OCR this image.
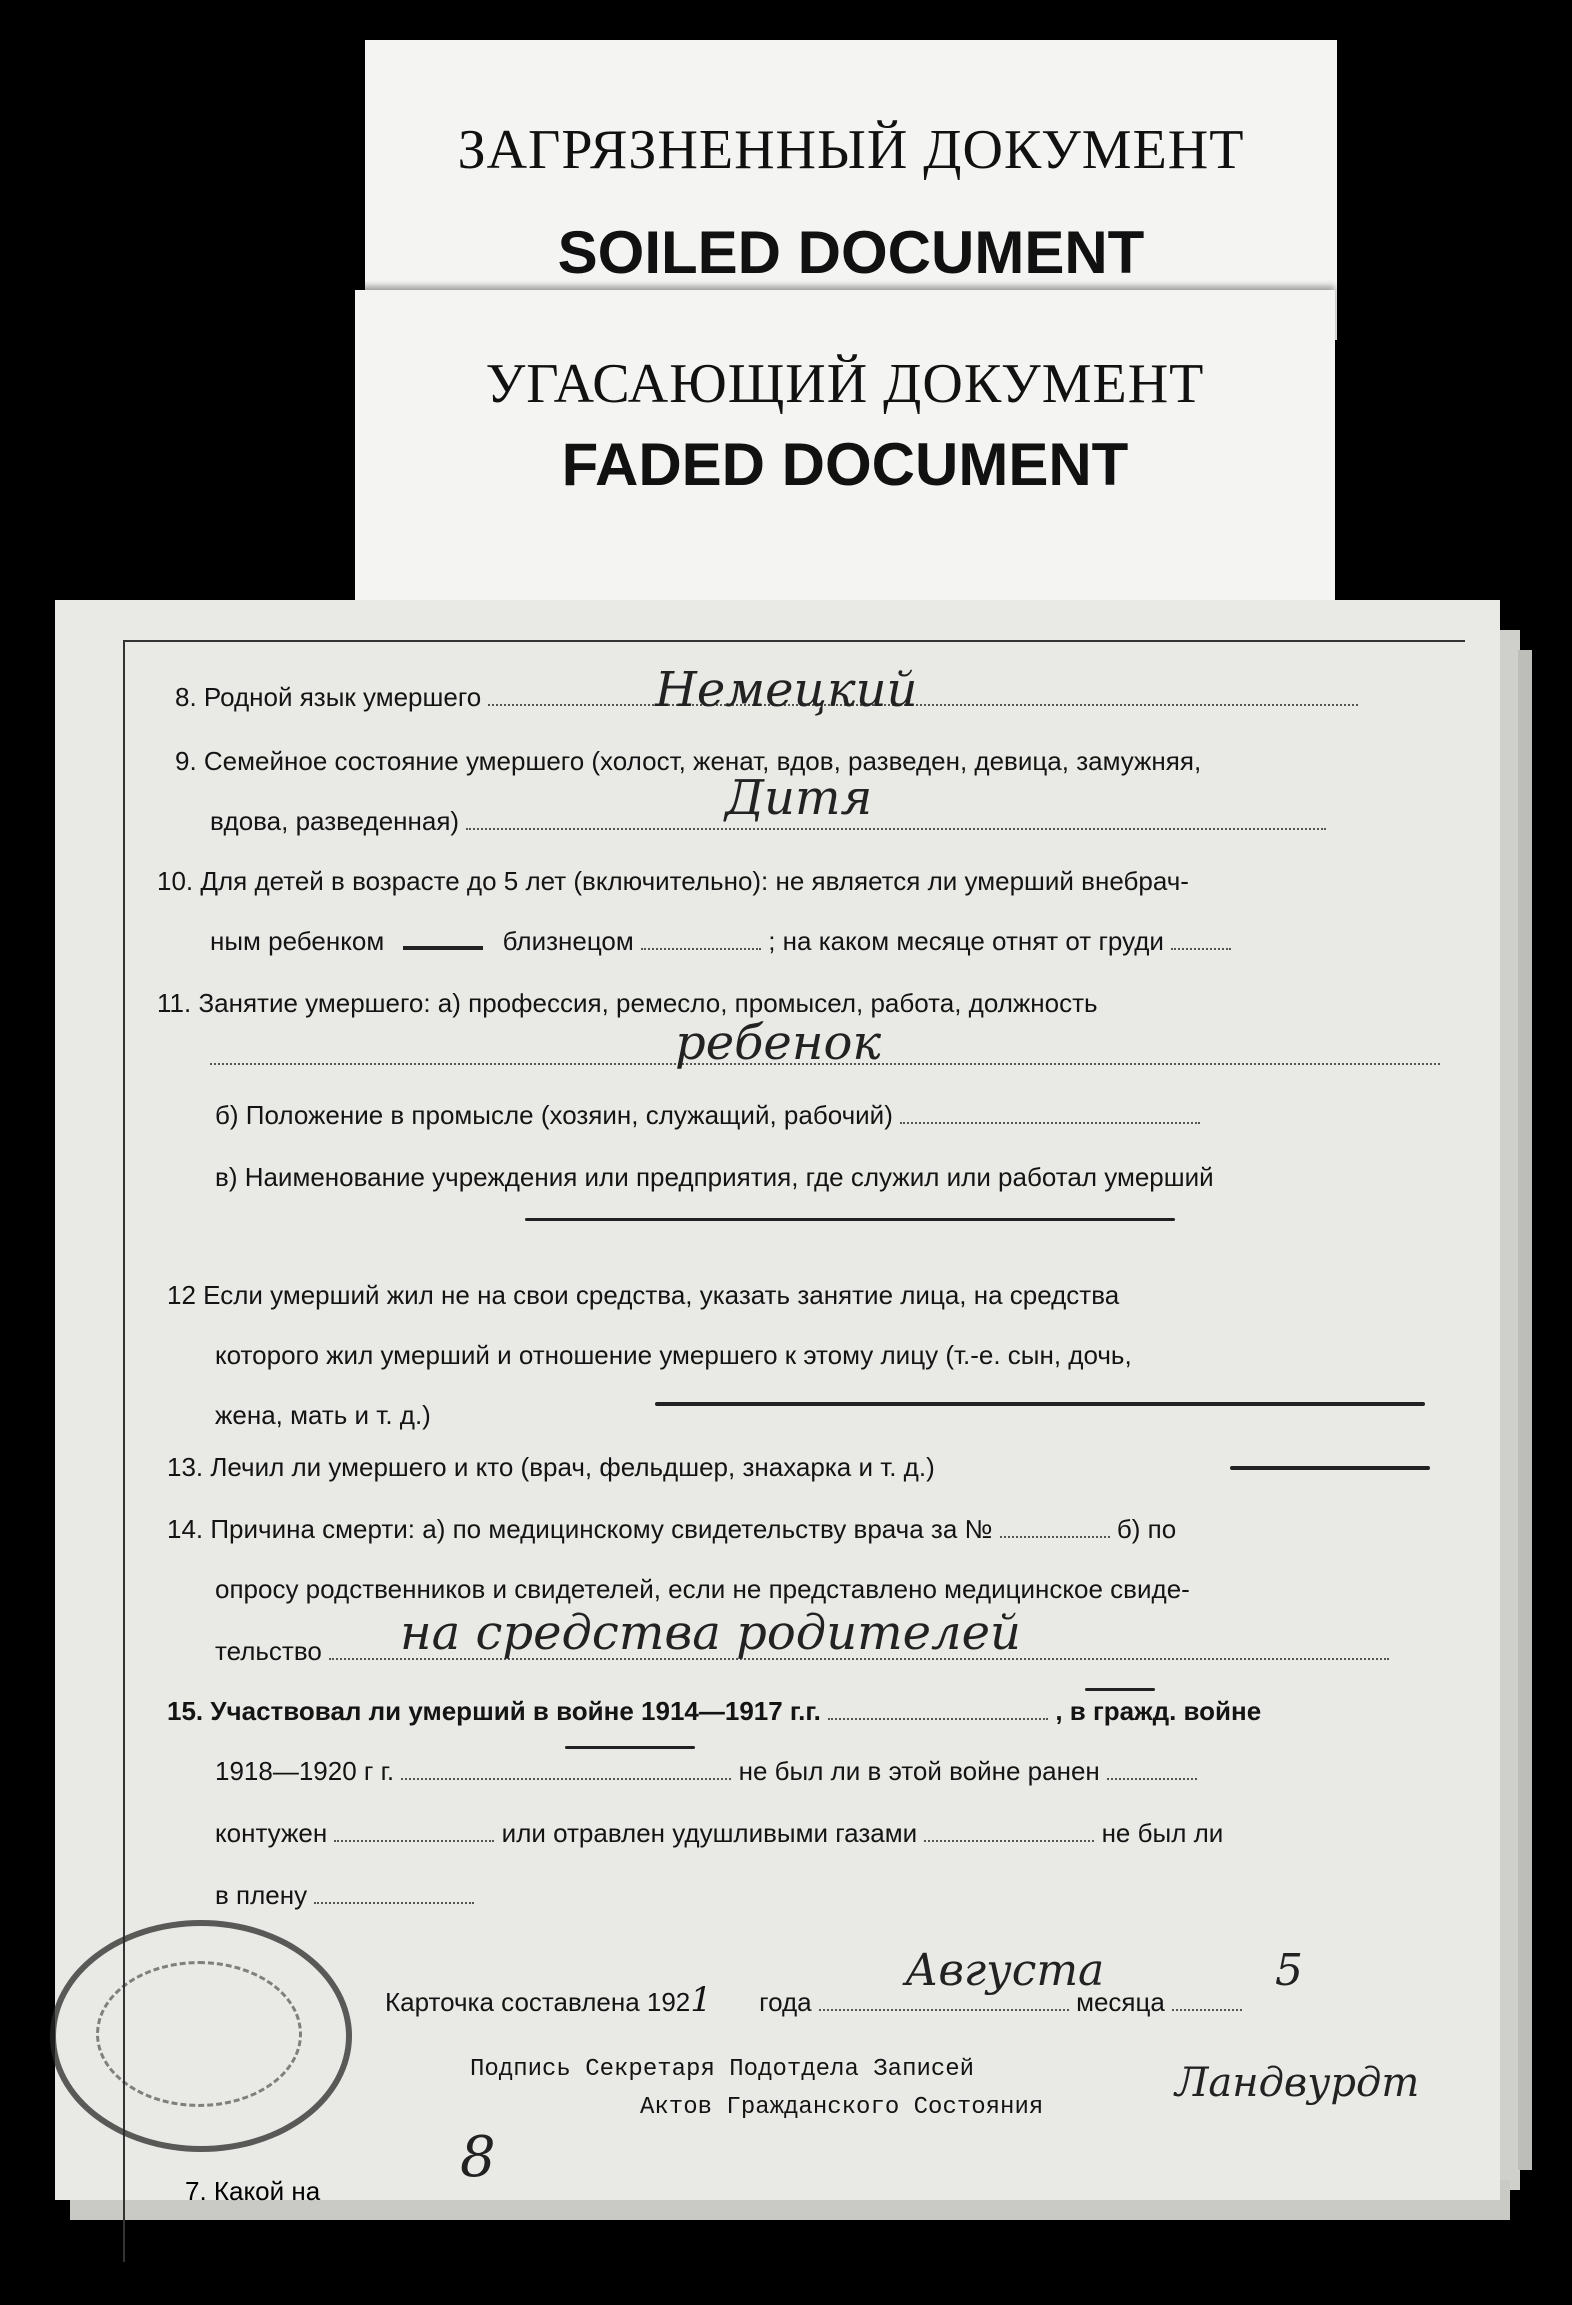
ЗАГРЯЗНЕННЫЙ ДОКУМЕНТ
SOILED DOCUMENT
УГАСАЮЩИЙ ДОКУМЕНТ
FADED DOCUMENT
8. Родной язык умершего	Немецкий
9. Семейное состояние умершего (холост, женат, вдов, разведен, девица, замужняя,
вдова, разведенная)	Дитя
10. Для детей в возрасте до 5 лет (включительно): не является ли умерший внебрач-
ным ребенком	близнецом	; на каком месяце отнят от груди
11. Занятие умершего: а) профессия, ремесло, промысел, работа, должность
ребенок
б) Положение в промысле (хозяин, служащий, рабочий)
в) Наименование учреждения или предприятия, где служил или работал умерший
12 Если умерший жил не на свои средства, указать занятие лица, на средства
которого жил умерший и отношение умершего к этому лицу (т.-е. сын, дочь,
жена, мать и т. д.)
13. Лечил ли умершего и кто (врач, фельдшер, знахарка и т. д.)
14. Причина смерти: а) по медицинскому свидетельству врача за №	б) по
опросу родственников и свидетелей, если не представлено медицинское свиде-
тельство	на средства родителей
15. Участвовал ли умерший в войне 1914—1917 г.г.	, в гражд. войне
1918—1920 г г.	не был ли в этой войне ранен
контужен	или отравлен удушливыми газами	не был ли
в плену
Карточка составлена 1921 года	месяца
Августа	5
Подпись Секретаря Подотдела Записей
Актов Гражданского Состояния
Ландвурдт
7. Какой на
8
